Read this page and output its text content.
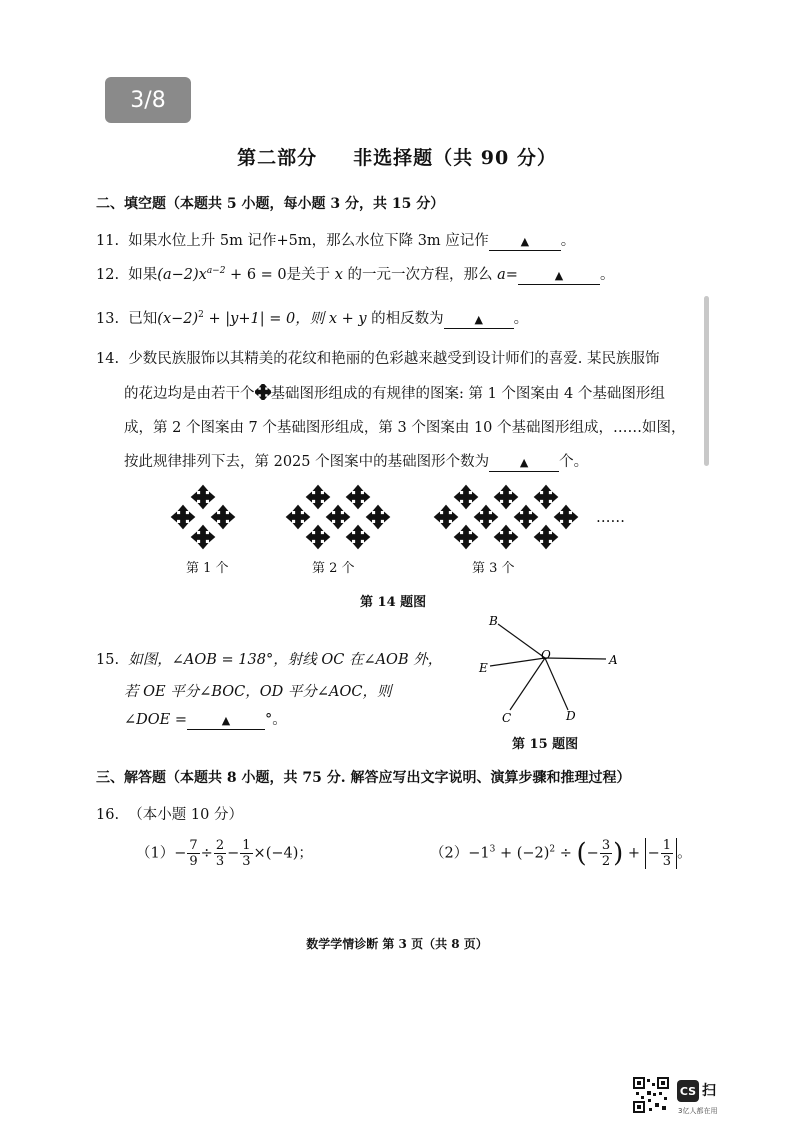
3/8
第二部分 非选择题（共 90 分）
二、填空题（本题共 5 小题，每小题 3 分，共 15 分）
11. 如果水位上升 5m 记作+5m，那么水位下降 3m 应记作	▲ 。
12. 如果$(a-2)x^{a-2} + 6 = 0$是关于 x 的一元一次方程，那么 a=	▲	。
13. 已知$(x-2)^2 + |y+1| = 0$，则 x + y 的相反数为	▲ 。
14. 少数民族服饰以其精美的花纹和艳丽的色彩越来越受到设计师们的喜爱. 某民族服饰
的花边均是由若干个 基础图形组成的有规律的图案: 第 1 个图案由 4 个基础图形组
成，第 2 个图案由 7 个基础图形组成，第 3 个图案由 10 个基础图形组成，……如图，
按此规律排列下去，第 2025 个图案中的基础图形个数为	▲ 个。
……
第 1 个	第 2 个	第 3 个
第 14 题图
15. 如图，∠AOB = 138°，射线 OC 在∠AOB 外，
若 OE 平分∠BOC，OD 平分∠AOC，则
∠DOE =	▲ °。
B
O	A
E
C	D
第 15 题图
三、解答题（本题共 8 小题，共 75 分. 解答应写出文字说明、演算步骤和推理过程）
16. （本小题 10 分）
$(1)- \frac{7}{9} \div \frac{2}{3} - \frac{1}{3} \times(-4)$；	$(2)-1^3 + (-2)^2$ ÷ (− $\frac{3}{2}$ ) + − $\frac{1}{3}$ 。
数学学情诊断 第 3 页（共 8 页）
CS 扫
3亿人都在用
